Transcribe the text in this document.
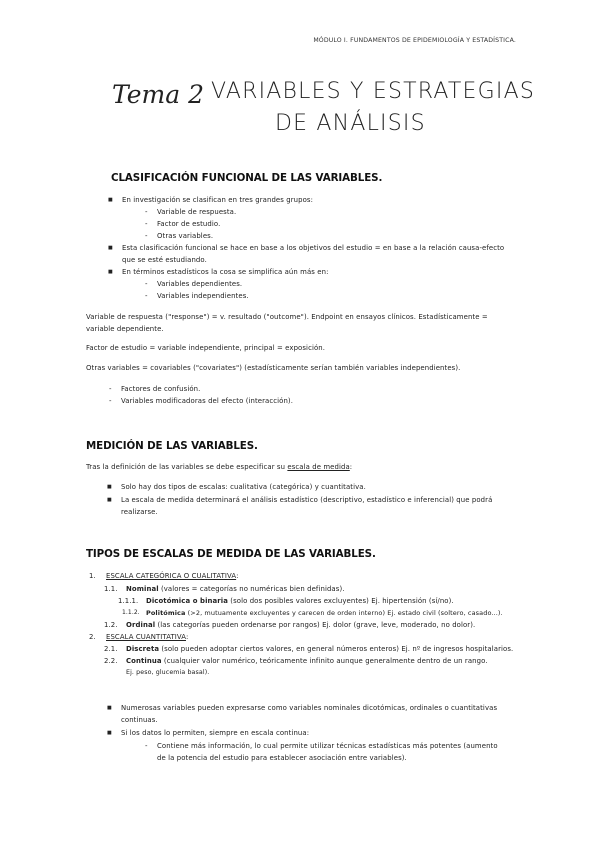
MÓDULO I. FUNDAMENTOS DE EPIDEMIOLOGÍA Y ESTADÍSTICA.
Tema 2 VARIABLES Y ESTRATEGIAS
DE ANÁLISIS
CLASIFICACIÓN FUNCIONAL DE LAS VARIABLES.
■ En investigación se clasifican en tres grandes grupos:
- Variable de respuesta.
- Factor de estudio.
- Otras variables.
■ Esta clasificación funcional se hace en base a los objetivos del estudio = en base a la relación causa-efecto
que se esté estudiando.
■ En términos estadísticos la cosa se simplifica aún más en:
- Variables dependientes.
- Variables independientes.
Variable de respuesta ("response") = v. resultado ("outcome"). Endpoint en ensayos clínicos. Estadísticamente =
variable dependiente.
Factor de estudio = variable independiente, principal = exposición.
Otras variables = covariables ("covariates") (estadísticamente serían también variables independientes).
- Factores de confusión.
- Variables modificadoras del efecto (interacción).
MEDICIÓN DE LAS VARIABLES.
Tras la definición de las variables se debe especificar su escala de medida:
■ Solo hay dos tipos de escalas: cualitativa (categórica) y cuantitativa.
■ La escala de medida determinará el análisis estadístico (descriptivo, estadístico e inferencial) que podrá
realizarse.
TIPOS DE ESCALAS DE MEDIDA DE LAS VARIABLES.
1. ESCALA CATEGÓRICA O CUALITATIVA:
1.1. Nominal (valores = categorías no numéricas bien definidas).
1.1.1. Dicotómica o binaria (solo dos posibles valores excluyentes) Ej. hipertensión (sí/no).
1.1.2. Politómica (>2, mutuamente excluyentes y carecen de orden interno) Ej. estado civil (soltero, casado...).
1.2. Ordinal (las categorías pueden ordenarse por rangos) Ej. dolor (grave, leve, moderado, no dolor).
2. ESCALA CUANTITATIVA:
2.1. Discreta (solo pueden adoptar ciertos valores, en general números enteros) Ej. nº de ingresos hospitalarios.
2.2. Continua (cualquier valor numérico, teóricamente infinito aunque generalmente dentro de un rango.
Ej. peso, glucemia basal).
■ Numerosas variables pueden expresarse como variables nominales dicotómicas, ordinales o cuantitativas
continuas.
■ Si los datos lo permiten, siempre en escala continua:
- Contiene más información, lo cual permite utilizar técnicas estadísticas más potentes (aumento
de la potencia del estudio para establecer asociación entre variables).
